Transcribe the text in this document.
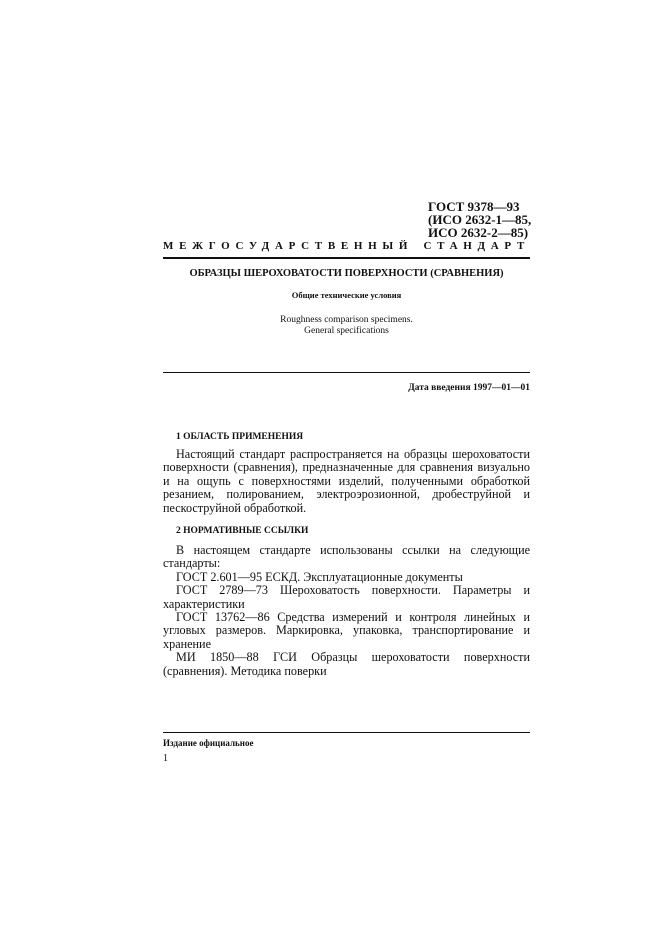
ГОСТ 9378—93
(ИСО 2632-1—85,
ИСО 2632-2—85)
МЕЖГОСУДАРСТВЕННЫЙ СТАНДАРТ
ОБРАЗЦЫ ШЕРОХОВАТОСТИ ПОВЕРХНОСТИ (СРАВНЕНИЯ)
Общие технические условия
Roughness comparison specimens.
General specifications
Дата введения 1997—01—01
1 ОБЛАСТЬ ПРИМЕНЕНИЯ

Настоящий стандарт распространяется на образцы шероховатости поверхности (сравнения), предназначенные для сравнения визуально и на ощупь с поверхностями изделий, полученными обработкой резанием, полированием, электроэрозионной, дробеструйной и пескоструйной обработкой.

2 НОРМАТИВНЫЕ ССЫЛКИ

В настоящем стандарте использованы ссылки на следующие стандарты:

ГОСТ 2.601—95 ЕСКД. Эксплуатационные документы

ГОСТ 2789—73 Шероховатость поверхности. Параметры и характеристики

ГОСТ 13762—86 Средства измерений и контроля линейных и угловых размеров. Маркировка, упаковка, транспортирование и хранение

МИ 1850—88 ГСИ Образцы шероховатости поверхности (сравнения). Методика поверки

Издание официальное
1
